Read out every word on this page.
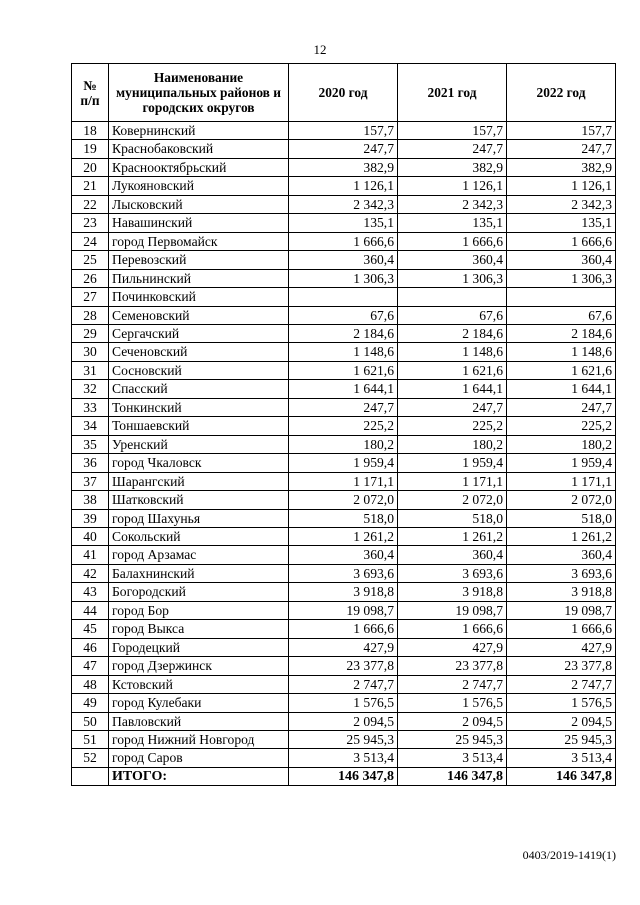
12
№
п/п	Наименование муниципальных районов и городских округов	2020 год	2021 год	2022 год
18	Ковернинский	157,7	157,7	157,7
19	Краснобаковский	247,7	247,7	247,7
20	Краснооктябрьский	382,9	382,9	382,9
21	Лукояновский	1 126,1	1 126,1	1 126,1
22	Лысковский	2 342,3	2 342,3	2 342,3
23	Навашинский	135,1	135,1	135,1
24	город Первомайск	1 666,6	1 666,6	1 666,6
25	Перевозский	360,4	360,4	360,4
26	Пильнинский	1 306,3	1 306,3	1 306,3
27	Починковский			
28	Семеновский	67,6	67,6	67,6
29	Сергачский	2 184,6	2 184,6	2 184,6
30	Сеченовский	1 148,6	1 148,6	1 148,6
31	Сосновский	1 621,6	1 621,6	1 621,6
32	Спасский	1 644,1	1 644,1	1 644,1
33	Тонкинский	247,7	247,7	247,7
34	Тоншаевский	225,2	225,2	225,2
35	Уренский	180,2	180,2	180,2
36	город Чкаловск	1 959,4	1 959,4	1 959,4
37	Шарангский	1 171,1	1 171,1	1 171,1
38	Шатковский	2 072,0	2 072,0	2 072,0
39	город Шахунья	518,0	518,0	518,0
40	Сокольский	1 261,2	1 261,2	1 261,2
41	город Арзамас	360,4	360,4	360,4
42	Балахнинский	3 693,6	3 693,6	3 693,6
43	Богородский	3 918,8	3 918,8	3 918,8
44	город Бор	19 098,7	19 098,7	19 098,7
45	город Выкса	1 666,6	1 666,6	1 666,6
46	Городецкий	427,9	427,9	427,9
47	город Дзержинск	23 377,8	23 377,8	23 377,8
48	Кстовский	2 747,7	2 747,7	2 747,7
49	город Кулебаки	1 576,5	1 576,5	1 576,5
50	Павловский	2 094,5	2 094,5	2 094,5
51	город Нижний Новгород	25 945,3	25 945,3	25 945,3
52	город Саров	3 513,4	3 513,4	3 513,4
	ИТОГО:	146 347,8	146 347,8	146 347,8
0403/2019-1419(1)
